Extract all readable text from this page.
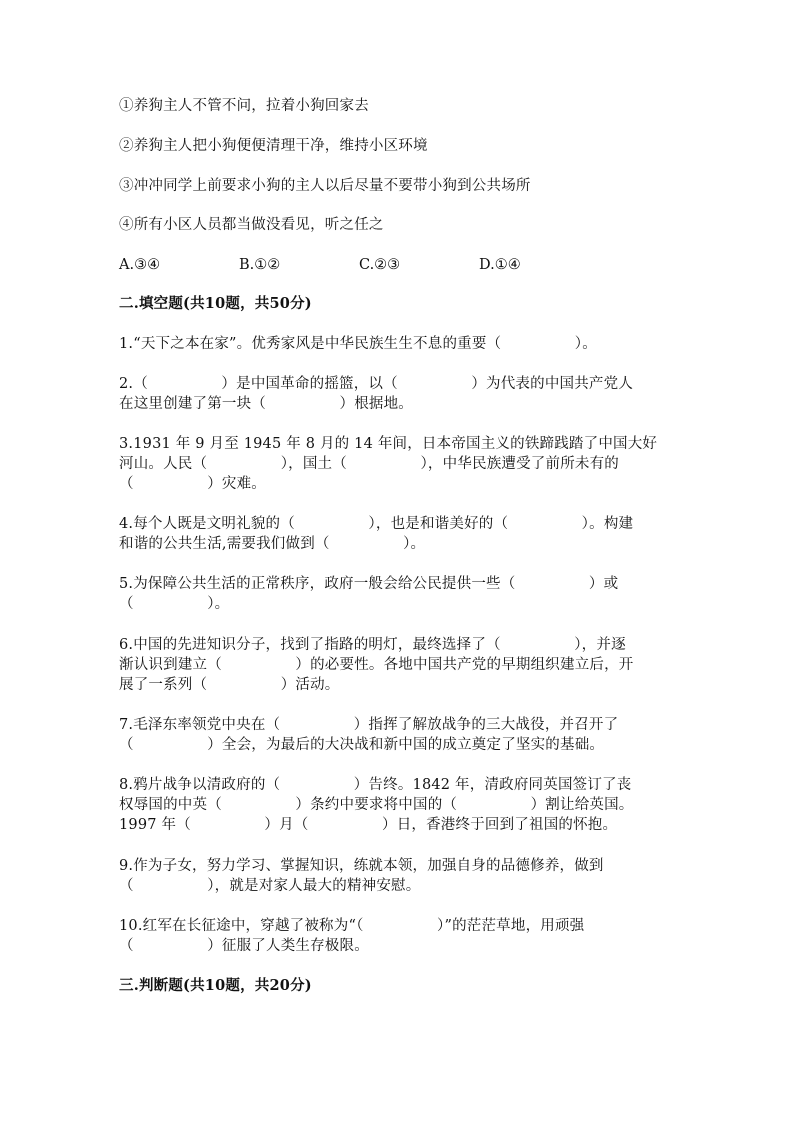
①养狗主人不管不问，拉着小狗回家去
②养狗主人把小狗便便清理干净，维持小区环境
③冲冲同学上前要求小狗的主人以后尽量不要带小狗到公共场所
④所有小区人员都当做没看见，听之任之
A.③④	B.①②	C.②③	D.①④
二.填空题(共10题，共50分)
1.“天下之本在家”。优秀家风是中华民族生生不息的重要（　　　　　）。
2.（　　　　　）是中国革命的摇篮，以（　　　　　）为代表的中国共产党人
在这里创建了第一块（　　　　　）根据地。
3.1931 年 9 月至 1945 年 8 月的 14 年间，日本帝国主义的铁蹄践踏了中国大好
河山。人民（　　　　　），国土（　　　　　），中华民族遭受了前所未有的
（　　　　　）灾难。
4.每个人既是文明礼貌的（　　　　　），也是和谐美好的（　　　　　）。构建
和谐的公共生活,需要我们做到（　　　　　）。
5.为保障公共生活的正常秩序，政府一般会给公民提供一些（　　　　　）或
（　　　　　）。
6.中国的先进知识分子，找到了指路的明灯，最终选择了（　　　　　），并逐
渐认识到建立（　　　　　）的必要性。各地中国共产党的早期组织建立后，开
展了一系列（　　　　　）活动。
7.毛泽东率领党中央在（　　　　　）指挥了解放战争的三大战役，并召开了
（　　　　　）全会，为最后的大决战和新中国的成立奠定了坚实的基础。
8.鸦片战争以清政府的（　　　　　）告终。1842 年，清政府同英国签订了丧
权辱国的中英（　　　　　）条约中要求将中国的（　　　　　）割让给英国。
1997 年（　　　　　）月（　　　　　）日，香港终于回到了祖国的怀抱。
9.作为子女，努力学习、掌握知识，练就本领，加强自身的品德修养，做到
（　　　　　），就是对家人最大的精神安慰。
10.红军在长征途中，穿越了被称为“（　　　　　）”的茫茫草地，用顽强
（　　　　　）征服了人类生存极限。
三.判断题(共10题，共20分)
